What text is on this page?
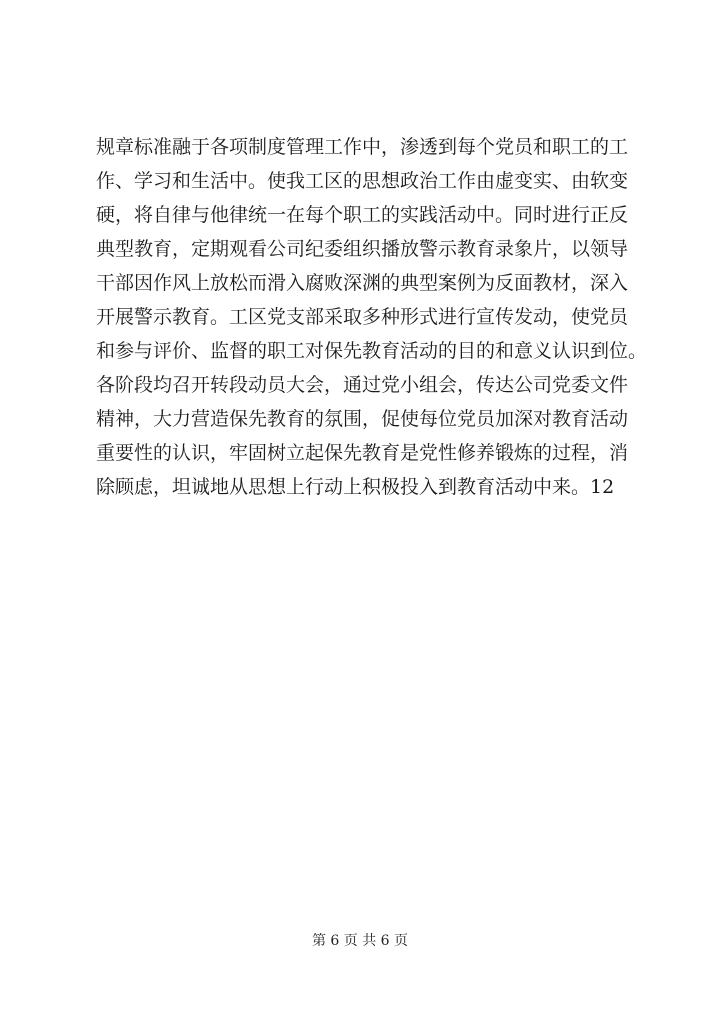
规章标准融于各项制度管理工作中，渗透到每个党员和职工的工
作、学习和生活中。使我工区的思想政治工作由虚变实、由软变
硬，将自律与他律统一在每个职工的实践活动中。同时进行正反
典型教育，定期观看公司纪委组织播放警示教育录象片，以领导
干部因作风上放松而滑入腐败深渊的典型案例为反面教材，深入
开展警示教育。工区党支部采取多种形式进行宣传发动，使党员
和参与评价、监督的职工对保先教育活动的目的和意义认识到位。
各阶段均召开转段动员大会，通过党小组会，传达公司党委文件
精神，大力营造保先教育的氛围，促使每位党员加深对教育活动
重要性的认识，牢固树立起保先教育是党性修养锻炼的过程，消
除顾虑，坦诚地从思想上行动上积极投入到教育活动中来。12
第 6 页 共 6 页
